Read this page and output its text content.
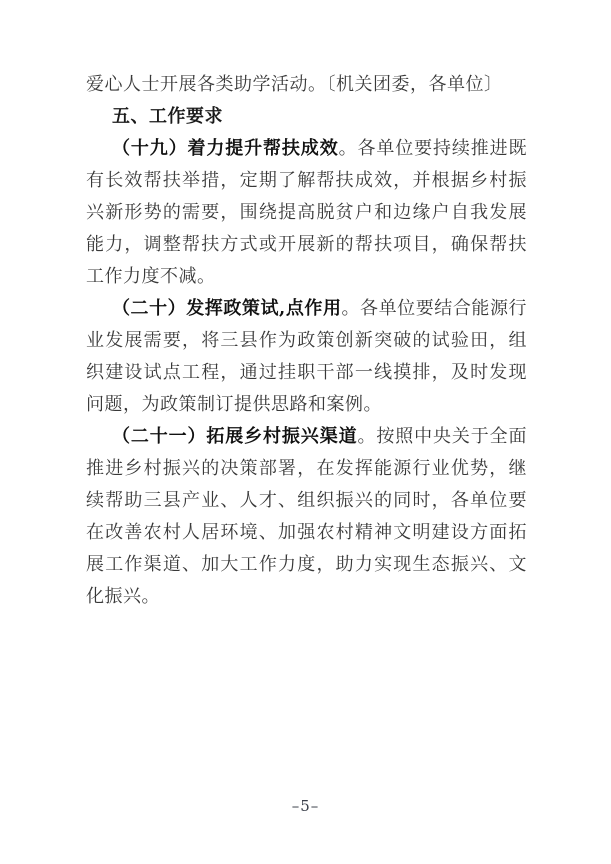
爱心人士开展各类助学活动。〔机关团委，各单位〕

五、工作要求

（十九）着力提升帮扶成效。各单位要持续推进既有长效帮扶举措，定期了解帮扶成效，并根据乡村振兴新形势的需要，围绕提高脱贫户和边缘户自我发展能力，调整帮扶方式或开展新的帮扶项目，确保帮扶工作力度不减。

（二十）发挥政策试,点作用。各单位要结合能源行业发展需要，将三县作为政策创新突破的试验田，组织建设试点工程，通过挂职干部一线摸排，及时发现问题，为政策制订提供思路和案例。

（二十一）拓展乡村振兴渠道。按照中央关于全面推进乡村振兴的决策部署，在发挥能源行业优势，继续帮助三县产业、人才、组织振兴的同时，各单位要在改善农村人居环境、加强农村精神文明建设方面拓展工作渠道、加大工作力度，助力实现生态振兴、文化振兴。

–5–
